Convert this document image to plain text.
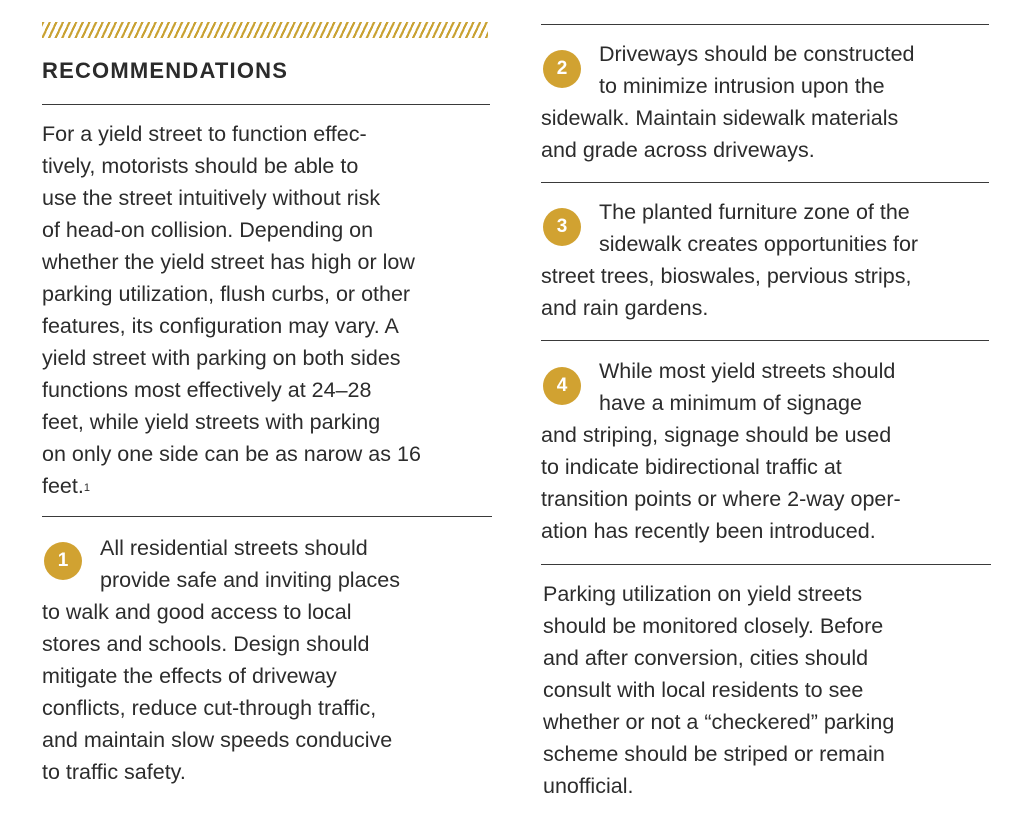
RECOMMENDATIONS
For a yield street to function effec-
tively, motorists should be able to
use the street intuitively without risk
of head-on collision. Depending on
whether the yield street has high or low
parking utilization, flush curbs, or other
features, its configuration may vary. A
yield street with parking on both sides
functions most effectively at 24–28
feet, while yield streets with parking
on only one side can be as narow as 16
feet.$^1$
1
All residential streets should
provide safe and inviting places
to walk and good access to local
stores and schools. Design should
mitigate the effects of driveway
conflicts, reduce cut-through traffic,
and maintain slow speeds conducive
to traffic safety.
2
Driveways should be constructed
to minimize intrusion upon the
sidewalk. Maintain sidewalk materials
and grade across driveways.
3
The planted furniture zone of the
sidewalk creates opportunities for
street trees, bioswales, pervious strips,
and rain gardens.
4
While most yield streets should
have a minimum of signage
and striping, signage should be used
to indicate bidirectional traffic at
transition points or where 2-way oper-
ation has recently been introduced.
Parking utilization on yield streets
should be monitored closely. Before
and after conversion, cities should
consult with local residents to see
whether or not a “checkered” parking
scheme should be striped or remain
unofficial.
